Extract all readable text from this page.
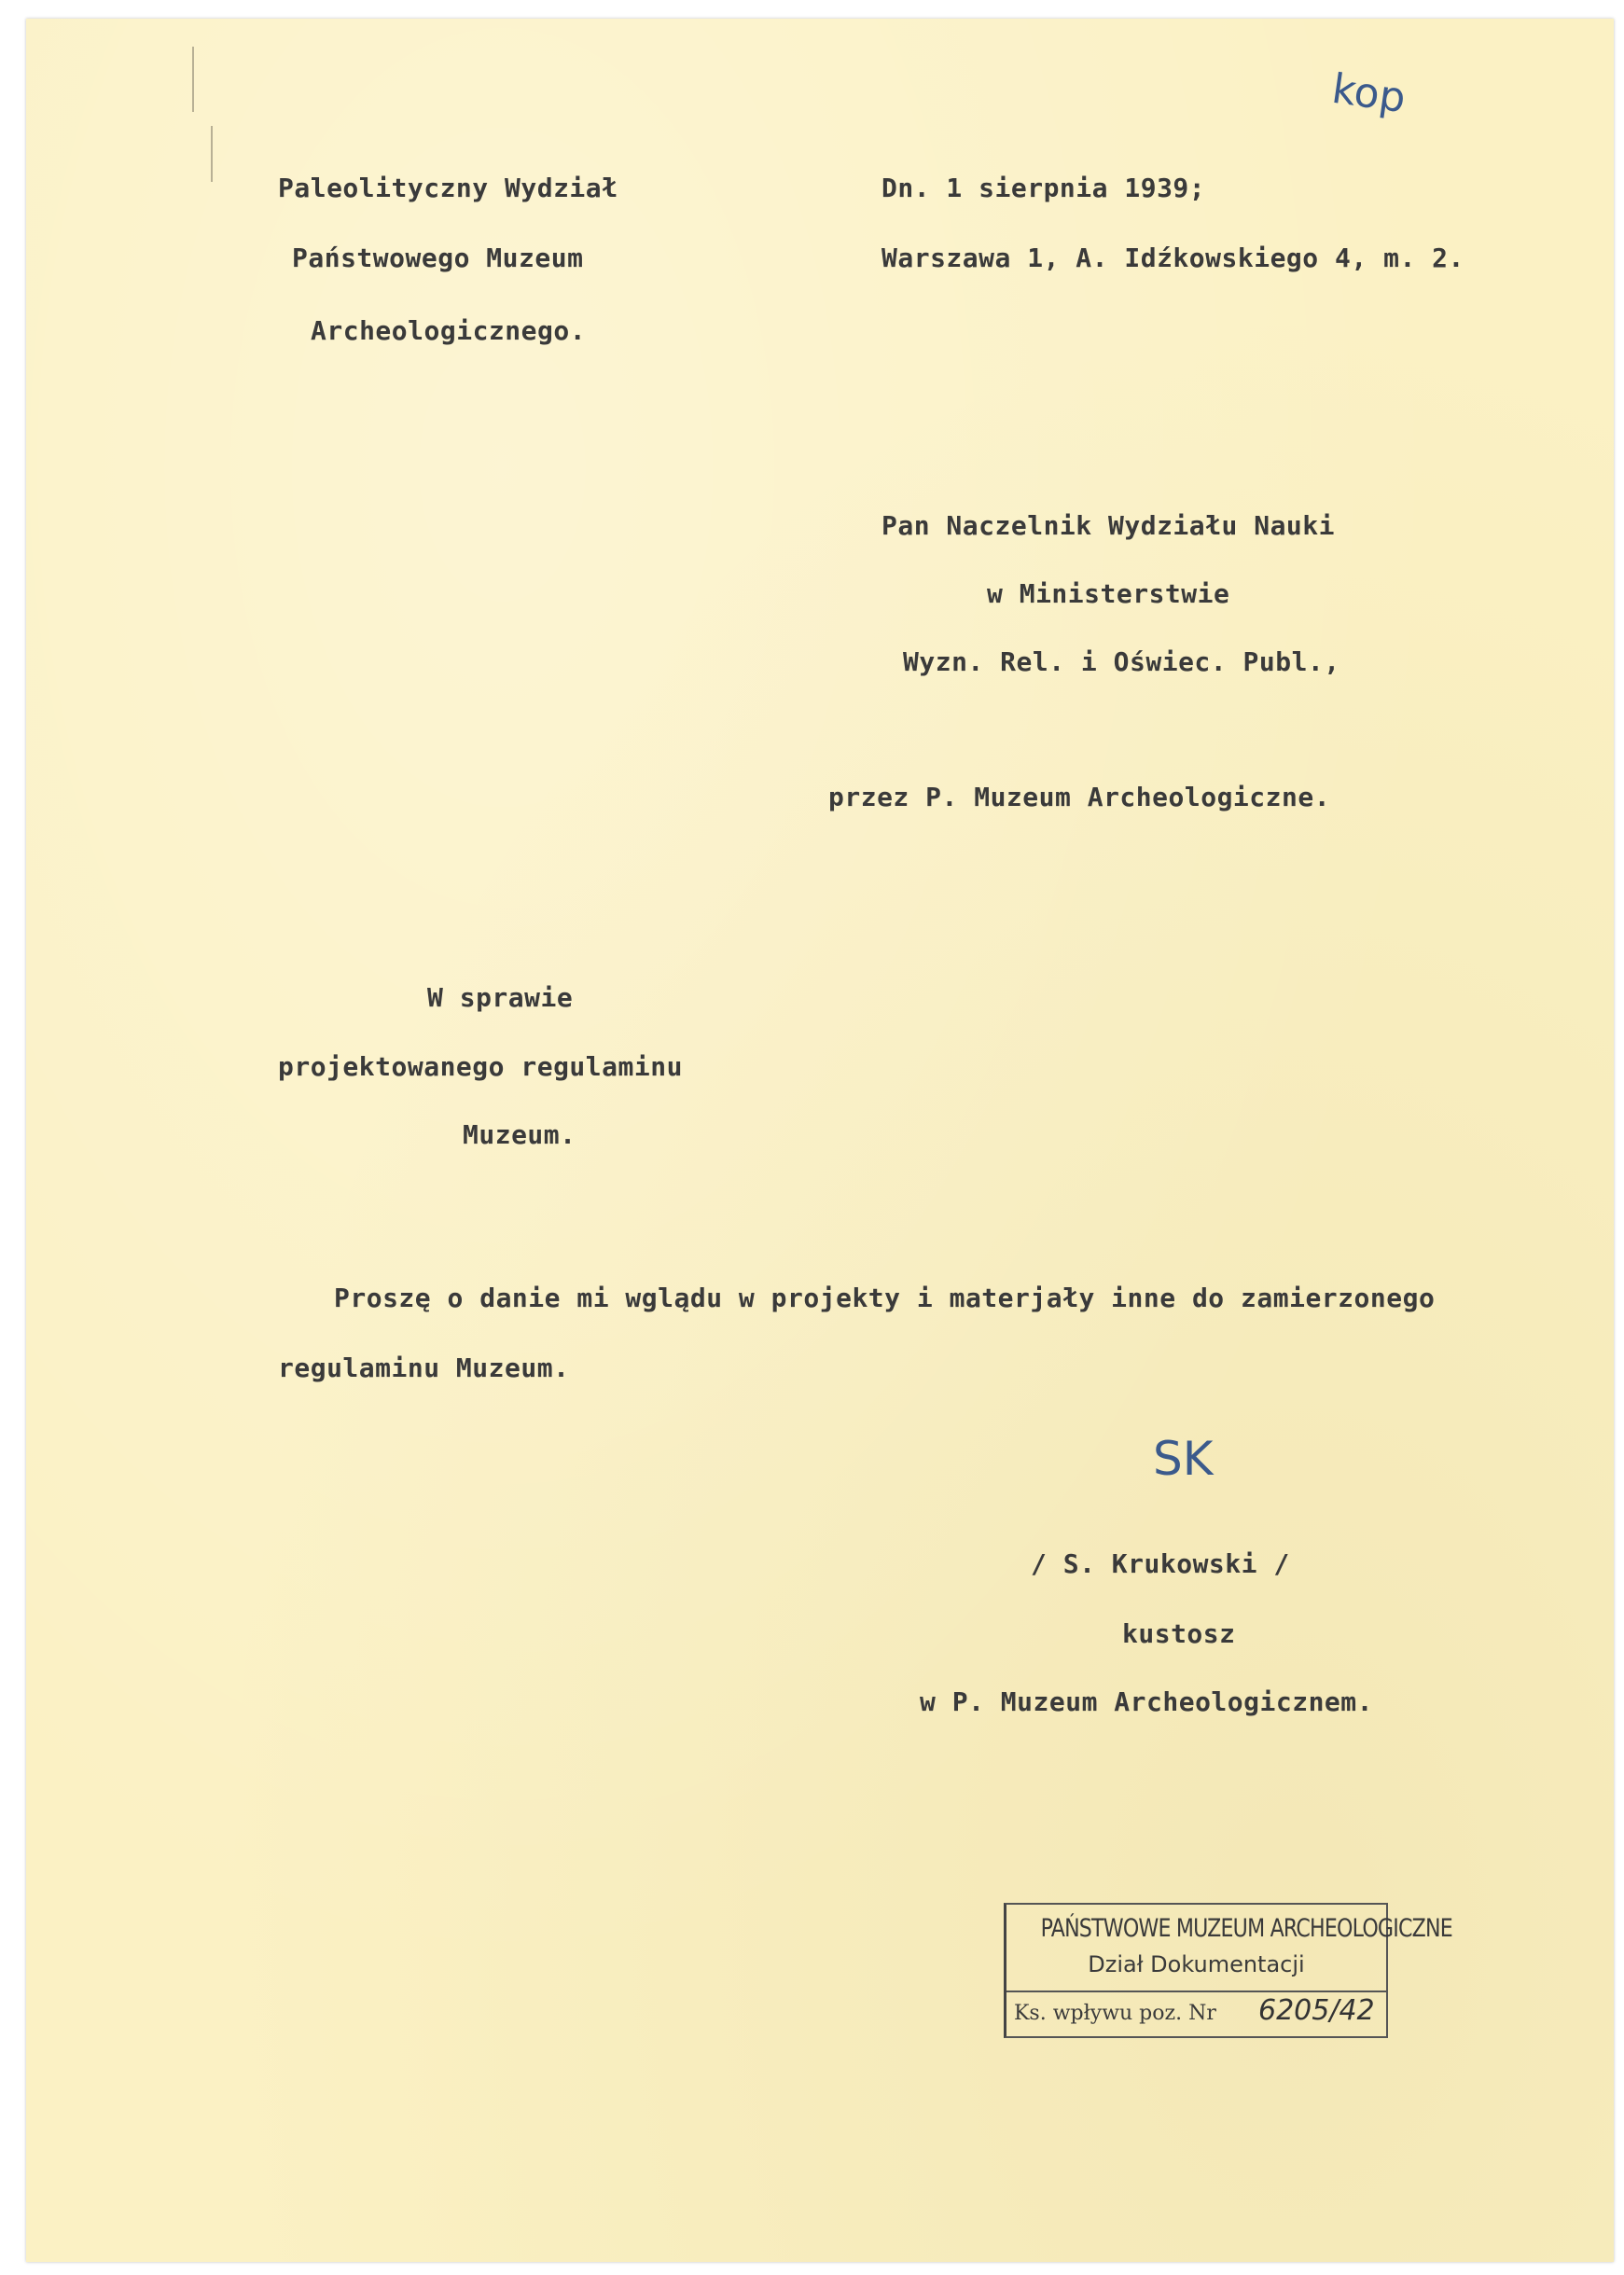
kop
Paleolityczny Wydział
Państwowego Muzeum
Archeologicznego.
Dn. 1 sierpnia 1939;
Warszawa 1, A. Idźkowskiego 4, m. 2.
Pan Naczelnik Wydziału Nauki
w Ministerstwie
Wyzn. Rel. i Oświec. Publ.,
przez P. Muzeum Archeologiczne.
W sprawie
projektowanego regulaminu
Muzeum.
Proszę o danie mi wglądu w projekty i materjały inne do zamierzonego
regulaminu Muzeum.
SK
/ S. Krukowski /
kustosz
w P. Muzeum Archeologicznem.
PAŃSTWOWE MUZEUM ARCHEOLOGICZNE
Dział Dokumentacji
Ks. wpływu poz. Nr 6205/42
